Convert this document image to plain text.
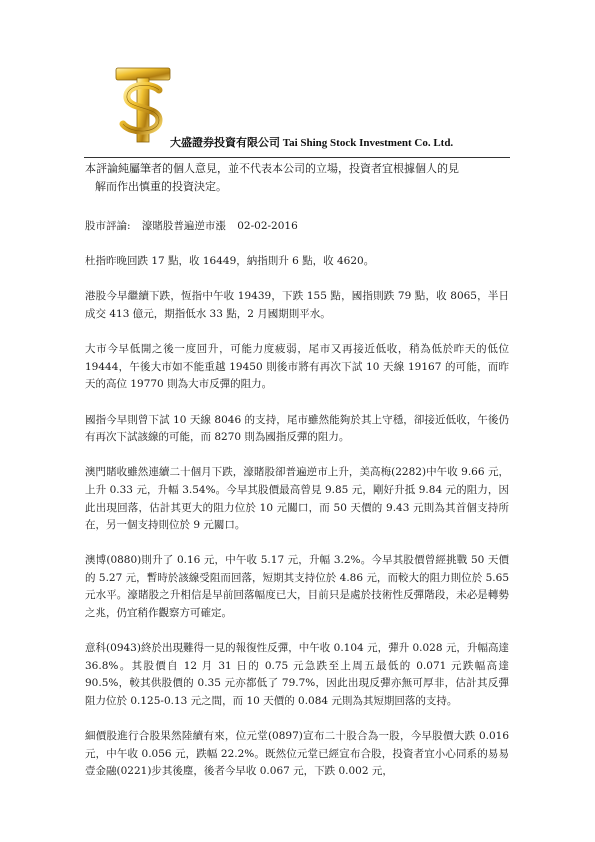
大盛證券投資有限公司 Tai Shing Stock Investment Co. Ltd.
本評論純屬筆者的個人意見，並不代表本公司的立場，投資者宜根據個人的見
解而作出慎重的投資決定。

股市評論: 濠賭股普遍逆市漲 02-02-2016

杜指昨晚回跌 17 點，收 16449，納指則升 6 點，收 4620。

港股今早繼續下跌，恆指中午收 19439，下跌 155 點，國指則跌 79 點，收 8065，半日成交 413 億元，期指低水 33 點，2 月國期則平水。

大市今早低開之後一度回升，可能力度疲弱，尾市又再接近低收，稍為低於昨天的低位 19444，午後大市如不能重越 19450 則後市將有再次下試 10 天線 19167 的可能，而昨天的高位 19770 則為大市反彈的阻力。

國指今早則曾下試 10 天線 8046 的支持，尾市雖然能夠於其上守穩，卻接近低收，午後仍有再次下試該線的可能，而 8270 則為國指反彈的阻力。

澳門賭收雖然連續二十個月下跌，濠賭股卻普遍逆市上升，美高梅(2282)中午收 9.66 元，上升 0.33 元，升幅 3.54%。今早其股價最高曾見 9.85 元，剛好升抵 9.84 元的阻力，因此出現回落，估計其更大的阻力位於 10 元關口，而 50 天價的 9.43 元則為其首個支持所在，另一個支持則位於 9 元關口。

澳博(0880)則升了 0.16 元，中午收 5.17 元，升幅 3.2%。今早其股價曾經挑戰 50 天價的 5.27 元，暫時於該線受阻而回落，短期其支持位於 4.86 元，而較大的阻力則位於 5.65 元水平。濠賭股之升相信是早前回落幅度已大，目前只是處於技術性反彈階段，未必是轉勢之兆，仍宜稍作觀察方可確定。

意科(0943)終於出現難得一見的報復性反彈，中午收 0.104 元，彈升 0.028 元，升幅高達 36.8%。其股價自 12 月 31 日的 0.75 元急跌至上周五最低的 0.071 元跌幅高達 90.5%，較其供股價的 0.35 元亦都低了 79.7%，因此出現反彈亦無可厚非，估計其反彈阻力位於 0.125-0.13 元之間，而 10 天價的 0.084 元則為其短期回落的支持。

細價股進行合股果然陸續有來，位元堂(0897)宣布二十股合為一股，今早股價大跌 0.016 元，中午收 0.056 元，跌幅 22.2%。既然位元堂已經宣布合股，投資者宜小心同系的易易壹金融(0221)步其後塵，後者今早收 0.067 元，下跌 0.002 元，
